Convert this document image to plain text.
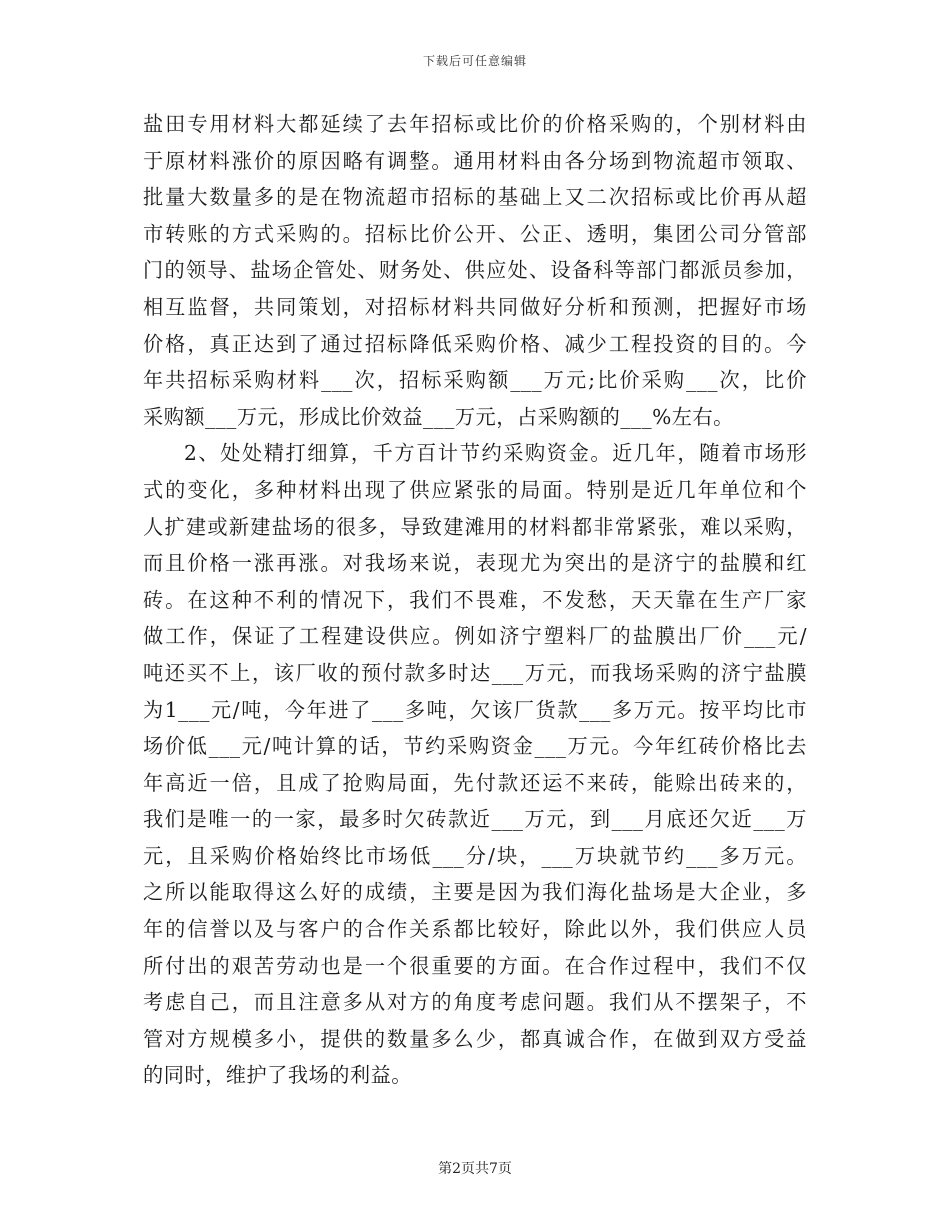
下载后可任意编辑
盐田专用材料大都延续了去年招标或比价的价格采购的，个别材料由
于原材料涨价的原因略有调整。通用材料由各分场到物流超市领取、
批量大数量多的是在物流超市招标的基础上又二次招标或比价再从超
市转账的方式采购的。招标比价公开、公正、透明，集团公司分管部
门的领导、盐场企管处、财务处、供应处、设备科等部门都派员参加，
相互监督，共同策划，对招标材料共同做好分析和预测，把握好市场
价格，真正达到了通过招标降低采购价格、减少工程投资的目的。今
年共招标采购材料___次，招标采购额___万元;比价采购___次，比价
采购额___万元，形成比价效益___万元，占采购额的___%左右。
2、处处精打细算，千方百计节约采购资金。近几年，随着市场形
式的变化，多种材料出现了供应紧张的局面。特别是近几年单位和个
人扩建或新建盐场的很多，导致建滩用的材料都非常紧张，难以采购，
而且价格一涨再涨。对我场来说，表现尤为突出的是济宁的盐膜和红
砖。在这种不利的情况下，我们不畏难，不发愁，天天靠在生产厂家
做工作，保证了工程建设供应。例如济宁塑料厂的盐膜出厂价___元/
吨还买不上，该厂收的预付款多时达___万元，而我场采购的济宁盐膜
为1___元/吨，今年进了___多吨，欠该厂货款___多万元。按平均比市
场价低___元/吨计算的话，节约采购资金___万元。今年红砖价格比去
年高近一倍，且成了抢购局面，先付款还运不来砖，能赊出砖来的，
我们是唯一的一家，最多时欠砖款近___万元，到___月底还欠近___万
元，且采购价格始终比市场低___分/块，___万块就节约___多万元。
之所以能取得这么好的成绩，主要是因为我们海化盐场是大企业，多
年的信誉以及与客户的合作关系都比较好，除此以外，我们供应人员
所付出的艰苦劳动也是一个很重要的方面。在合作过程中，我们不仅
考虑自己，而且注意多从对方的角度考虑问题。我们从不摆架子，不
管对方规模多小，提供的数量多么少，都真诚合作，在做到双方受益
的同时，维护了我场的利益。
第2页共7页
